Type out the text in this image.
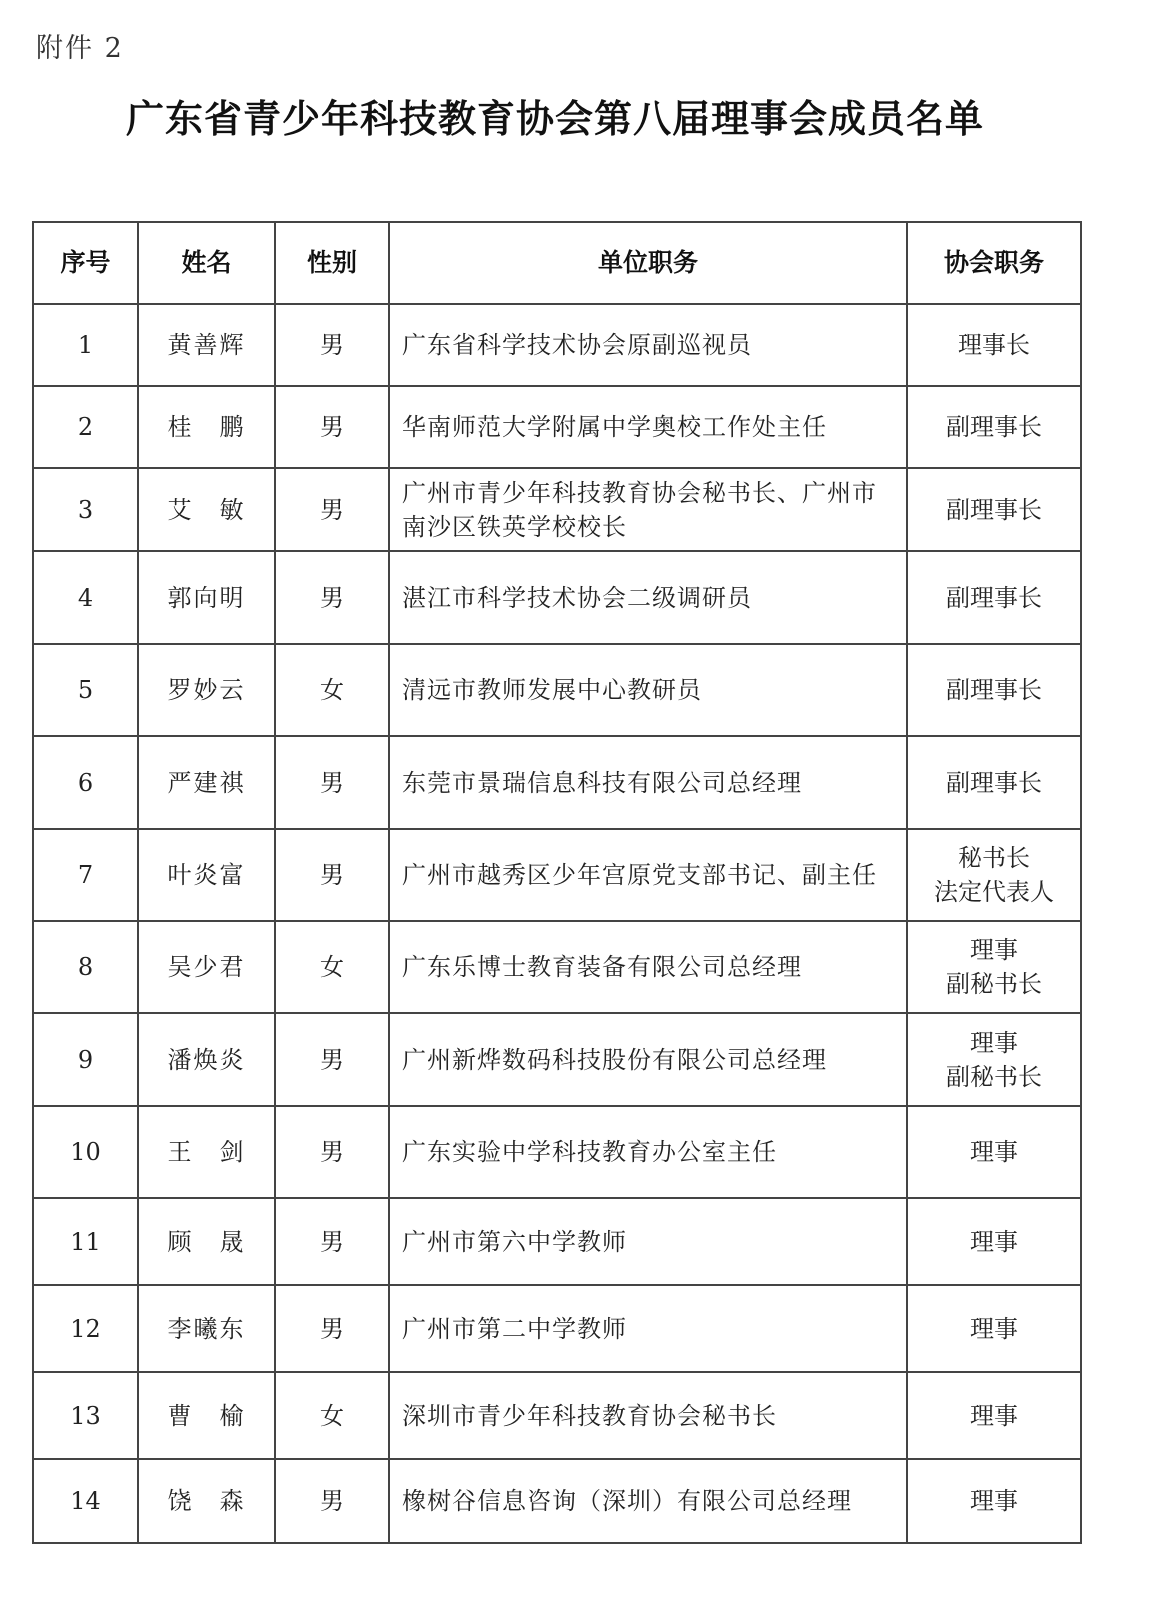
附件 2
广东省青少年科技教育协会第八届理事会成员名单
序号	姓名	性别	单位职务	协会职务
1	黄善辉	男	广东省科学技术协会原副巡视员	理事长

2	桂　鹏	男	华南师范大学附属中学奥校工作处主任	副理事长

3	艾　敏	男	广州市青少年科技教育协会秘书长、广州市南沙区铁英学校校长	副理事长

4	郭向明	男	湛江市科学技术协会二级调研员	副理事长

5	罗妙云	女	清远市教师发展中心教研员	副理事长

6	严建祺	男	东莞市景瑞信息科技有限公司总经理	副理事长

7	叶炎富	男	广州市越秀区少年宫原党支部书记、副主任	秘书长
法定代表人

8	吴少君	女	广东乐博士教育装备有限公司总经理	理事
副秘书长

9	潘焕炎	男	广州新烨数码科技股份有限公司总经理	理事
副秘书长

10	王　剑	男	广东实验中学科技教育办公室主任	理事

11	顾　晟	男	广州市第六中学教师	理事

12	李曦东	男	广州市第二中学教师	理事

13	曹　榆	女	深圳市青少年科技教育协会秘书长	理事

14	饶　森	男	橡树谷信息咨询（深圳）有限公司总经理	理事
